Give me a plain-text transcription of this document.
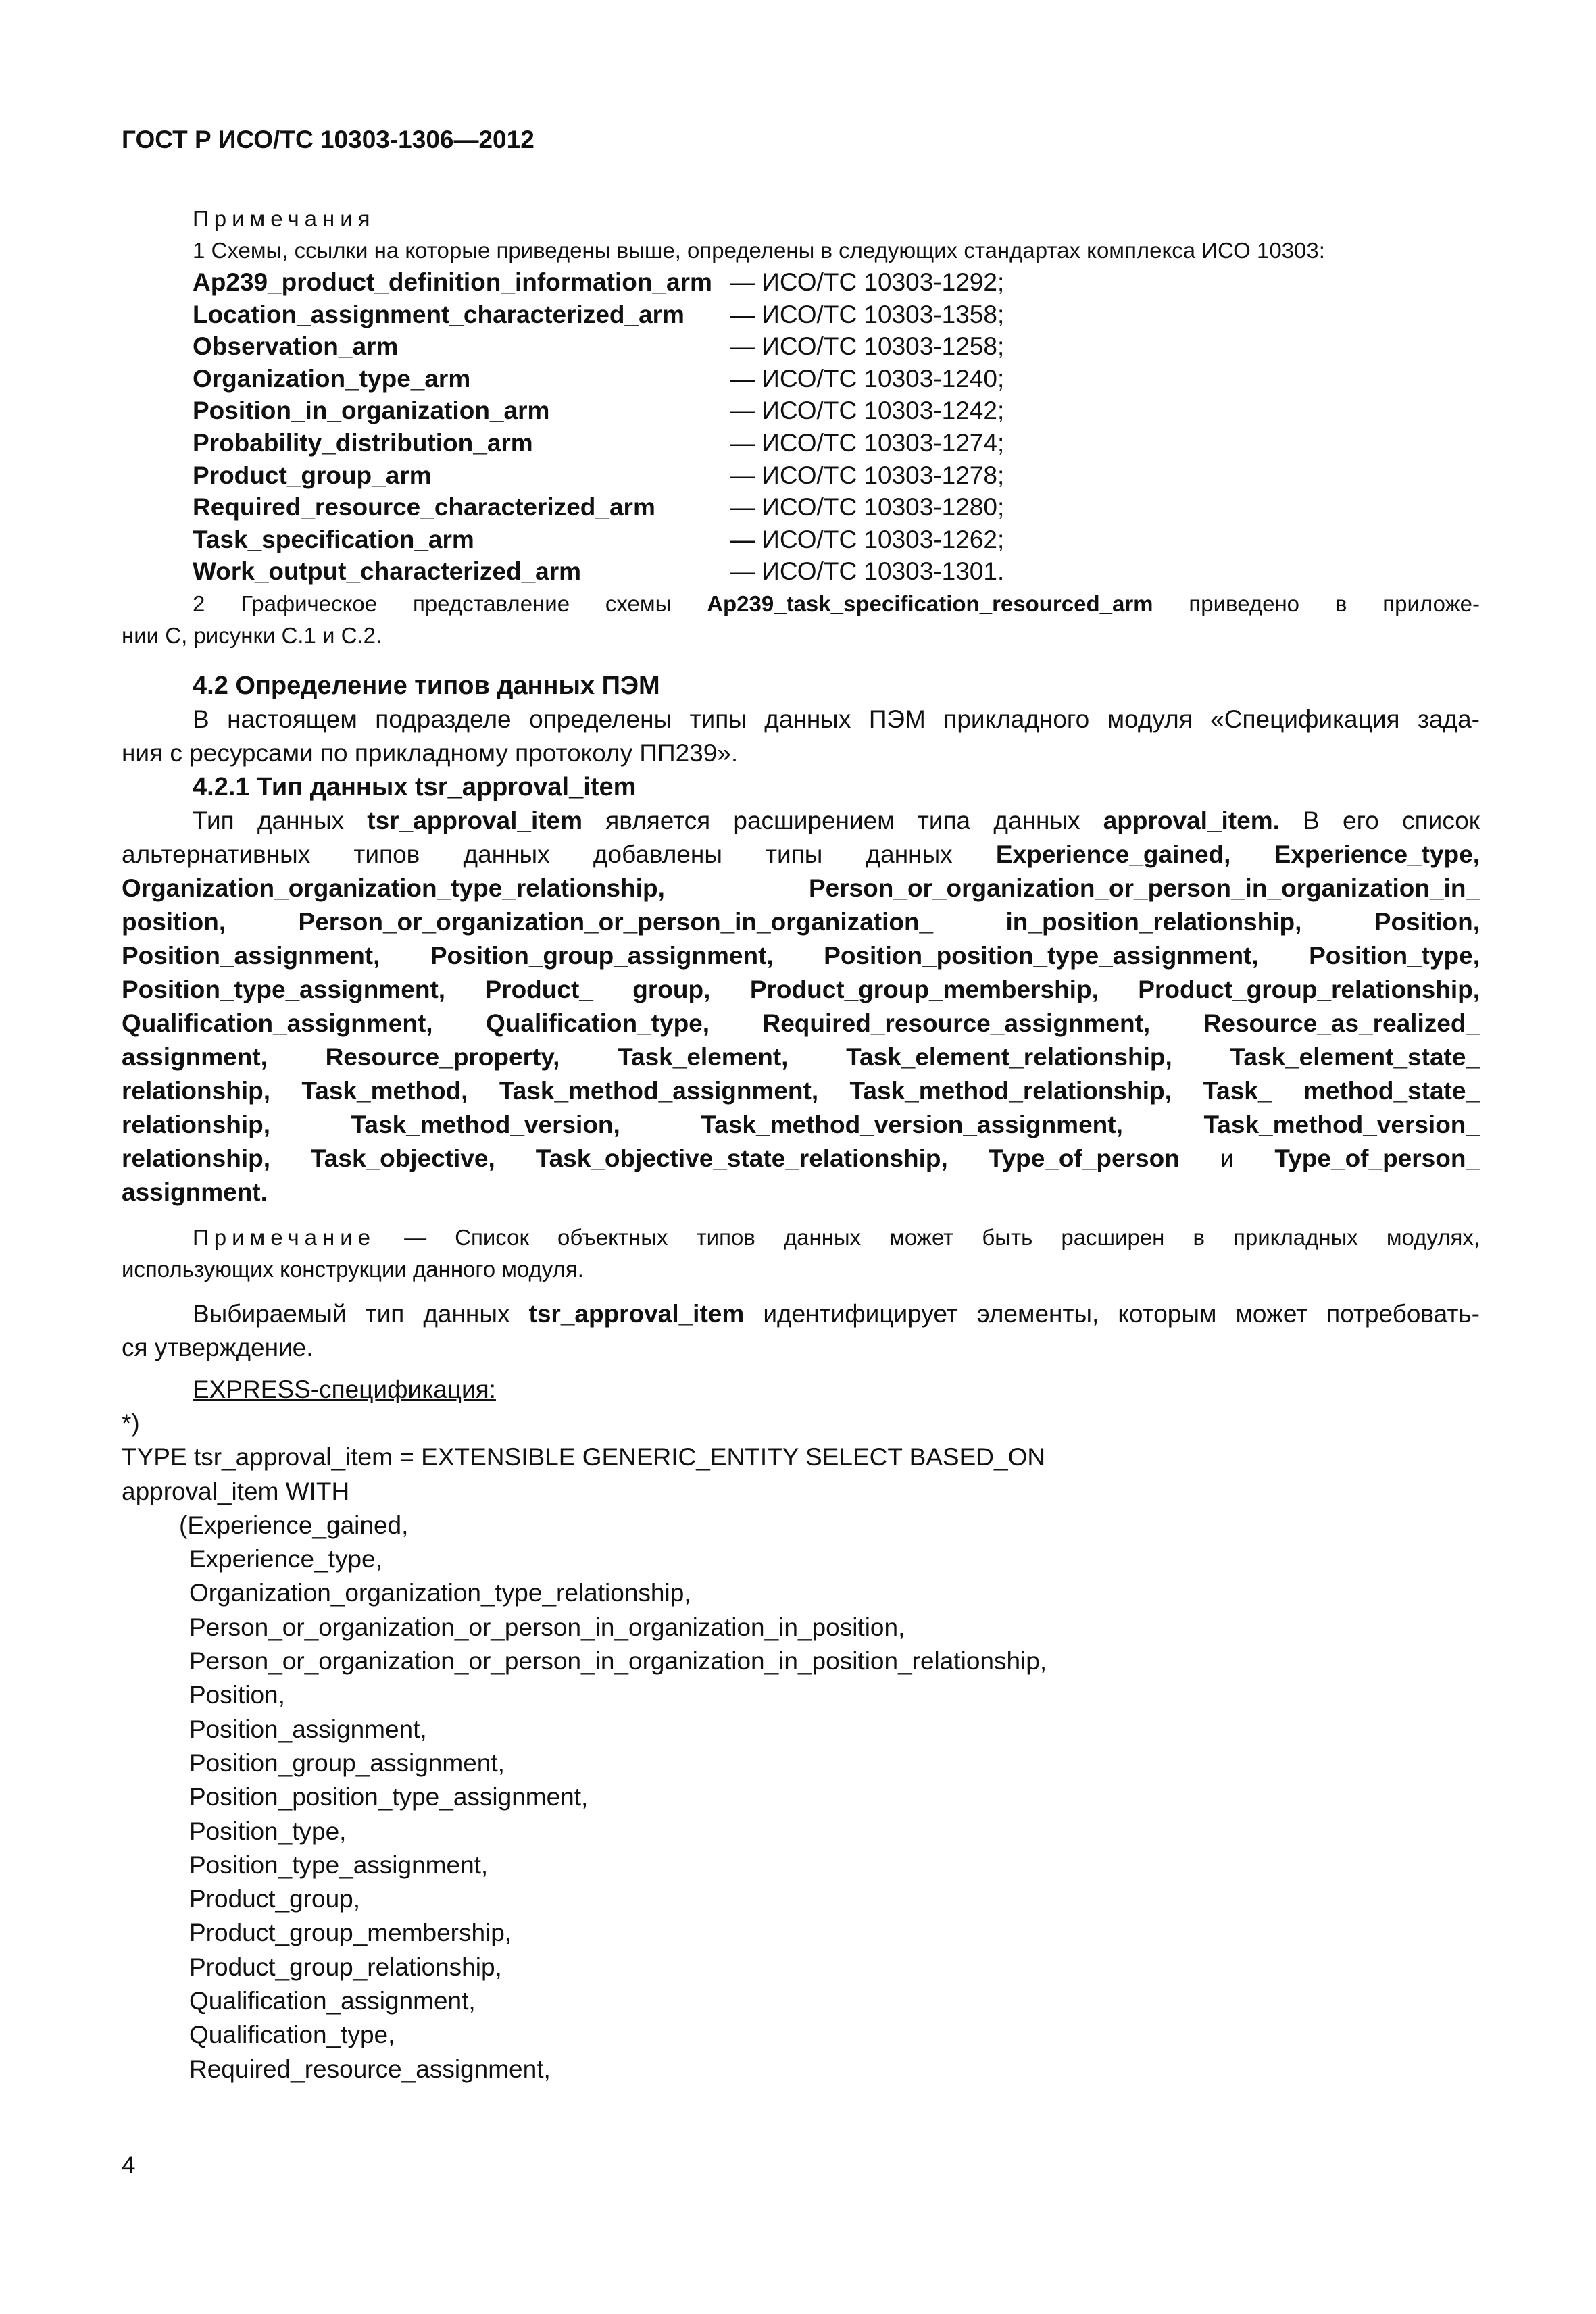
ГОСТ Р ИСО/ТС 10303-1306—2012
Примечания
1 Схемы, ссылки на которые приведены выше, определены в следующих стандартах комплекса ИСО 10303:
Ap239_product_definition_information_arm — ИСО/ТС 10303-1292;
Location_assignment_characterized_arm	— ИСО/ТС 10303-1358;
Observation_arm	— ИСО/ТС 10303-1258;
Organization_type_arm	— ИСО/ТС 10303-1240;
Position_in_organization_arm	— ИСО/ТС 10303-1242;
Probability_distribution_arm	— ИСО/ТС 10303-1274;
Product_group_arm	— ИСО/ТС 10303-1278;
Required_resource_characterized_arm	— ИСО/ТС 10303-1280;
Task_specification_arm	— ИСО/ТС 10303-1262;
Work_output_characterized_arm	— ИСО/ТС 10303-1301.
2 Графическое представление схемы Ap239_task_specification_resourced_arm приведено в приложе-
нии С, рисунки С.1 и С.2.
4.2 Определение типов данных ПЭМ
В настоящем подразделе определены типы данных ПЭМ прикладного модуля «Спецификация зада-
ния с ресурсами по прикладному протоколу ПП239».
4.2.1 Тип данных tsr_approval_item
Тип данных tsr_approval_item является расширением типа данных approval_item. В его список
альтернативных типов данных добавлены типы данных Experience_gained, Experience_type,
Organization_organization_type_relationship, Person_or_organization_or_person_in_organization_in_
position, Person_or_organization_or_person_in_organization_ in_position_relationship, Position,
Position_assignment, Position_group_assignment, Position_position_type_assignment, Position_type,
Position_type_assignment, Product_ group, Product_group_membership, Product_group_relationship,
Qualification_assignment, Qualification_type, Required_resource_assignment, Resource_as_realized_
assignment, Resource_property, Task_element, Task_element_relationship, Task_element_state_
relationship, Task_method, Task_method_assignment, Task_method_relationship, Task_ method_state_
relationship, Task_method_version, Task_method_version_assignment, Task_method_version_
relationship, Task_objective, Task_objective_state_relationship, Type_of_person и Type_of_person_
assignment.
Примечание — Список объектных типов данных может быть расширен в прикладных модулях,
использующих конструкции данного модуля.
Выбираемый тип данных tsr_approval_item идентифицирует элементы, которым может потребовать-
ся утверждение.
EXPRESS-спецификация:
*)
TYPE tsr_approval_item = EXTENSIBLE GENERIC_ENTITY SELECT BASED_ON
approval_item WITH
(Experience_gained,
Experience_type,
Organization_organization_type_relationship,
Person_or_organization_or_person_in_organization_in_position,
Person_or_organization_or_person_in_organization_in_position_relationship,
Position,
Position_assignment,
Position_group_assignment,
Position_position_type_assignment,
Position_type,
Position_type_assignment,
Product_group,
Product_group_membership,
Product_group_relationship,
Qualification_assignment,
Qualification_type,
Required_resource_assignment,
4
